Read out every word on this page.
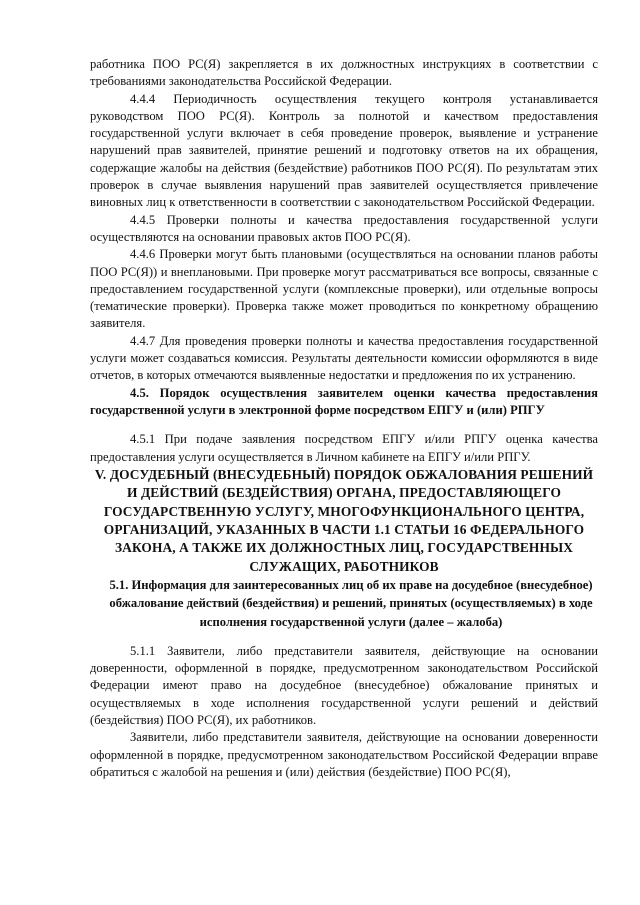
работника ПОО РС(Я) закрепляется в их должностных инструкциях в соответствии с требованиями законодательства Российской Федерации.

4.4.4 Периодичность осуществления текущего контроля устанавливается руководством ПОО РС(Я). Контроль за полнотой и качеством предоставления государственной услуги включает в себя проведение проверок, выявление и устранение нарушений прав заявителей, принятие решений и подготовку ответов на их обращения, содержащие жалобы на действия (бездействие) работников ПОО РС(Я). По результатам этих проверок в случае выявления нарушений прав заявителей осуществляется привлечение виновных лиц к ответственности в соответствии с законодательством Российской Федерации.

4.4.5 Проверки полноты и качества предоставления государственной услуги осуществляются на основании правовых актов ПОО РС(Я).

4.4.6 Проверки могут быть плановыми (осуществляться на основании планов работы ПОО РС(Я)) и внеплановыми. При проверке могут рассматриваться все вопросы, связанные с предоставлением государственной услуги (комплексные проверки), или отдельные вопросы (тематические проверки). Проверка также может проводиться по конкретному обращению заявителя.

4.4.7 Для проведения проверки полноты и качества предоставления государственной услуги может создаваться комиссия. Результаты деятельности комиссии оформляются в виде отчетов, в которых отмечаются выявленные недостатки и предложения по их устранению.

4.5. Порядок осуществления заявителем оценки качества предоставления государственной услуги в электронной форме посредством ЕПГУ и (или) РПГУ

4.5.1 При подаче заявления посредством ЕПГУ и/или РПГУ оценка качества предоставления услуги осуществляется в Личном кабинете на ЕПГУ и/или РПГУ.

V. ДОСУДЕБНЫЙ (ВНЕСУДЕБНЫЙ) ПОРЯДОК ОБЖАЛОВАНИЯ РЕШЕНИЙ И ДЕЙСТВИЙ (БЕЗДЕЙСТВИЯ) ОРГАНА, ПРЕДОСТАВЛЯЮЩЕГО ГОСУДАРСТВЕННУЮ УСЛУГУ, МНОГОФУНКЦИОНАЛЬНОГО ЦЕНТРА, ОРГАНИЗАЦИЙ, УКАЗАННЫХ В ЧАСТИ 1.1 СТАТЬИ 16 ФЕДЕРАЛЬНОГО ЗАКОНА, А ТАКЖЕ ИХ ДОЛЖНОСТНЫХ ЛИЦ, ГОСУДАРСТВЕННЫХ СЛУЖАЩИХ, РАБОТНИКОВ

5.1. Информация для заинтересованных лиц об их праве на досудебное (внесудебное) обжалование действий (бездействия) и решений, принятых (осуществляемых) в ходе исполнения государственной услуги (далее – жалоба)

5.1.1 Заявители, либо представители заявителя, действующие на основании доверенности, оформленной в порядке, предусмотренном законодательством Российской Федерации имеют право на досудебное (внесудебное) обжалование принятых и осуществляемых в ходе исполнения государственной услуги решений и действий (бездействия) ПОО РС(Я), их работников.

Заявители, либо представители заявителя, действующие на основании доверенности оформленной в порядке, предусмотренном законодательством Российской Федерации вправе обратиться с жалобой на решения и (или) действия (бездействие) ПОО РС(Я),
